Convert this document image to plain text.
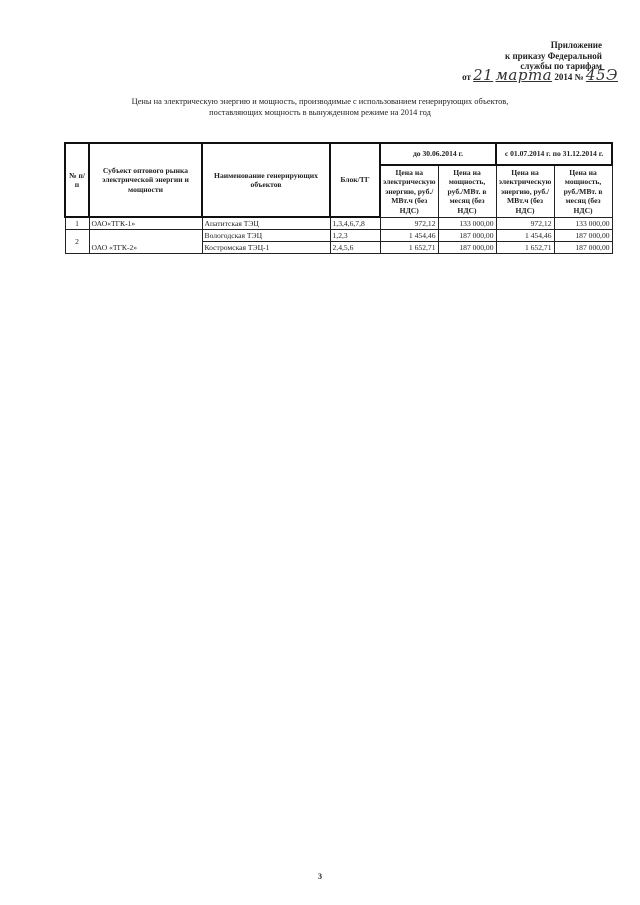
Приложение
к приказу Федеральной
службы по тарифам
от 21 марта 2014 № 45Э
Цены на электрическую энергию и мощность, производимые с использованием генерирующих объектов,
поставляющих мощность в вынужденном режиме на 2014 год
№ п/п	Субъект оптового рынка электрической энергии и мощности	Наименование генерирующих объектов	Блок/ТГ	до 30.06.2014 г.		с 01.07.2014 г. по 31.12.2014 г.	
				Цена на электрическую энергию, руб./МВт.ч (без НДС)	Цена на мощность, руб./МВт. в месяц (без НДС)	Цена на электрическую энергию, руб./МВт.ч (без НДС)	Цена на мощность, руб./МВт. в месяц (без НДС)
1	ОАО«ТГК-1»	Апатитская ТЭЦ	1,3,4,6,7,8	972,12	133 000,00	972,12	133 000,00
2	ОАО «ТГК-2»	Вологодская ТЭЦ	1,2,3	1 454,46	187 000,00	1 454,46	187 000,00
		Костромская ТЭЦ-1	2,4,5,6	1 652,71	187 000,00	1 652,71	187 000,00
3
